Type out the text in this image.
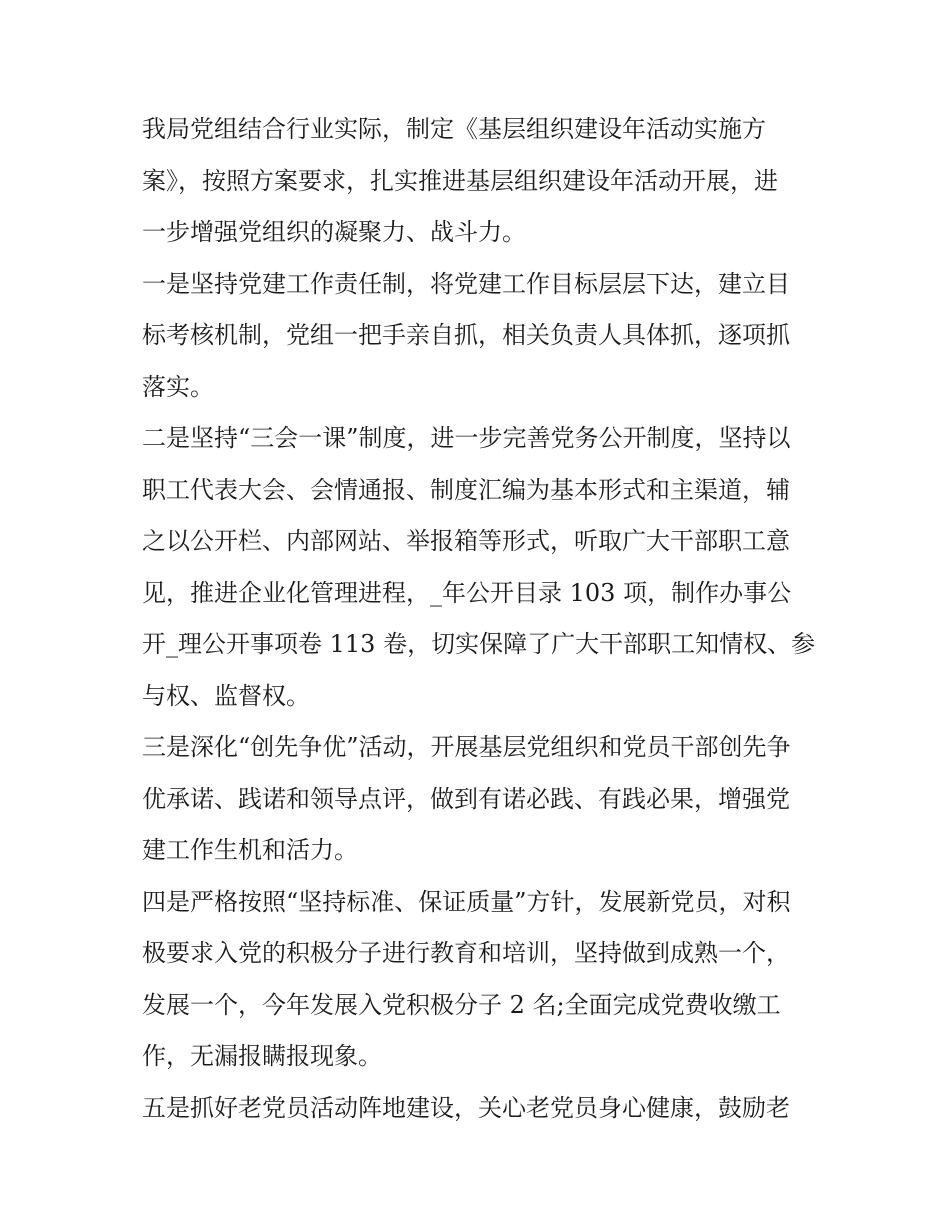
我局党组结合行业实际，制定《基层组织建设年活动实施方
案》，按照方案要求，扎实推进基层组织建设年活动开展，进
一步增强党组织的凝聚力、战斗力。

一是坚持党建工作责任制，将党建工作目标层层下达，建立目
标考核机制，党组一把手亲自抓，相关负责人具体抓，逐项抓
落实。

二是坚持“三会一课”制度，进一步完善党务公开制度，坚持以
职工代表大会、会情通报、制度汇编为基本形式和主渠道，辅
之以公开栏、内部网站、举报箱等形式，听取广大干部职工意
见，推进企业化管理进程，_年公开目录 103 项，制作办事公
开_理公开事项卷 113 卷，切实保障了广大干部职工知情权、参
与权、监督权。

三是深化“创先争优”活动，开展基层党组织和党员干部创先争
优承诺、践诺和领导点评，做到有诺必践、有践必果，增强党
建工作生机和活力。

四是严格按照“坚持标准、保证质量”方针，发展新党员，对积
极要求入党的积极分子进行教育和培训，坚持做到成熟一个，
发展一个，今年发展入党积极分子 2 名;全面完成党费收缴工
作，无漏报瞒报现象。

五是抓好老党员活动阵地建设，关心老党员身心健康，鼓励老
